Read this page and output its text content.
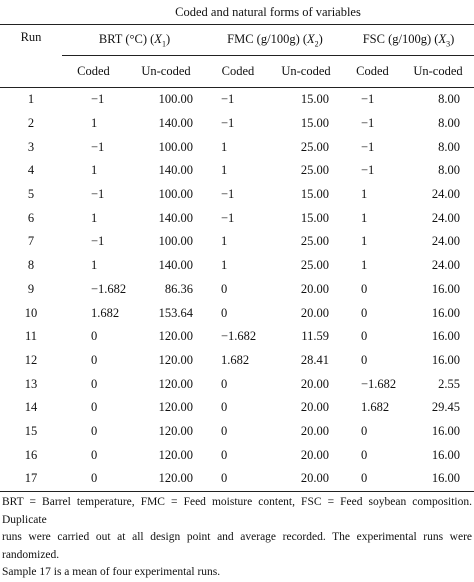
	Coded and natural forms of variables					
Run	BRT (°C) $(X_1)$		FMC (g/100g) $(X_2)$		FSC (g/100g) $(X_3)$	
	Coded	Un-coded	Coded	Un-coded	Coded	Un-coded
1	−1	100.00	−1	15.00	−1	8.00
2	1	140.00	−1	15.00	−1	8.00
3	−1	100.00	1	25.00	−1	8.00
4	1	140.00	1	25.00	−1	8.00
5	−1	100.00	−1	15.00	1	24.00
6	1	140.00	−1	15.00	1	24.00
7	−1	100.00	1	25.00	1	24.00
8	1	140.00	1	25.00	1	24.00
9	−1.682	86.36	0	20.00	0	16.00
10	1.682	153.64	0	20.00	0	16.00
11	0	120.00	−1.682	11.59	0	16.00
12	0	120.00	1.682	28.41	0	16.00
13	0	120.00	0	20.00	−1.682	2.55
14	0	120.00	0	20.00	1.682	29.45
15	0	120.00	0	20.00	0	16.00
16	0	120.00	0	20.00	0	16.00
17	0	120.00	0	20.00	0	16.00
BRT = Barrel temperature, FMC = Feed moisture content, FSC = Feed soybean composition. Duplicate
runs were carried out at all design point and average recorded. The experimental runs were randomized.
Sample 17 is a mean of four experimental runs.
